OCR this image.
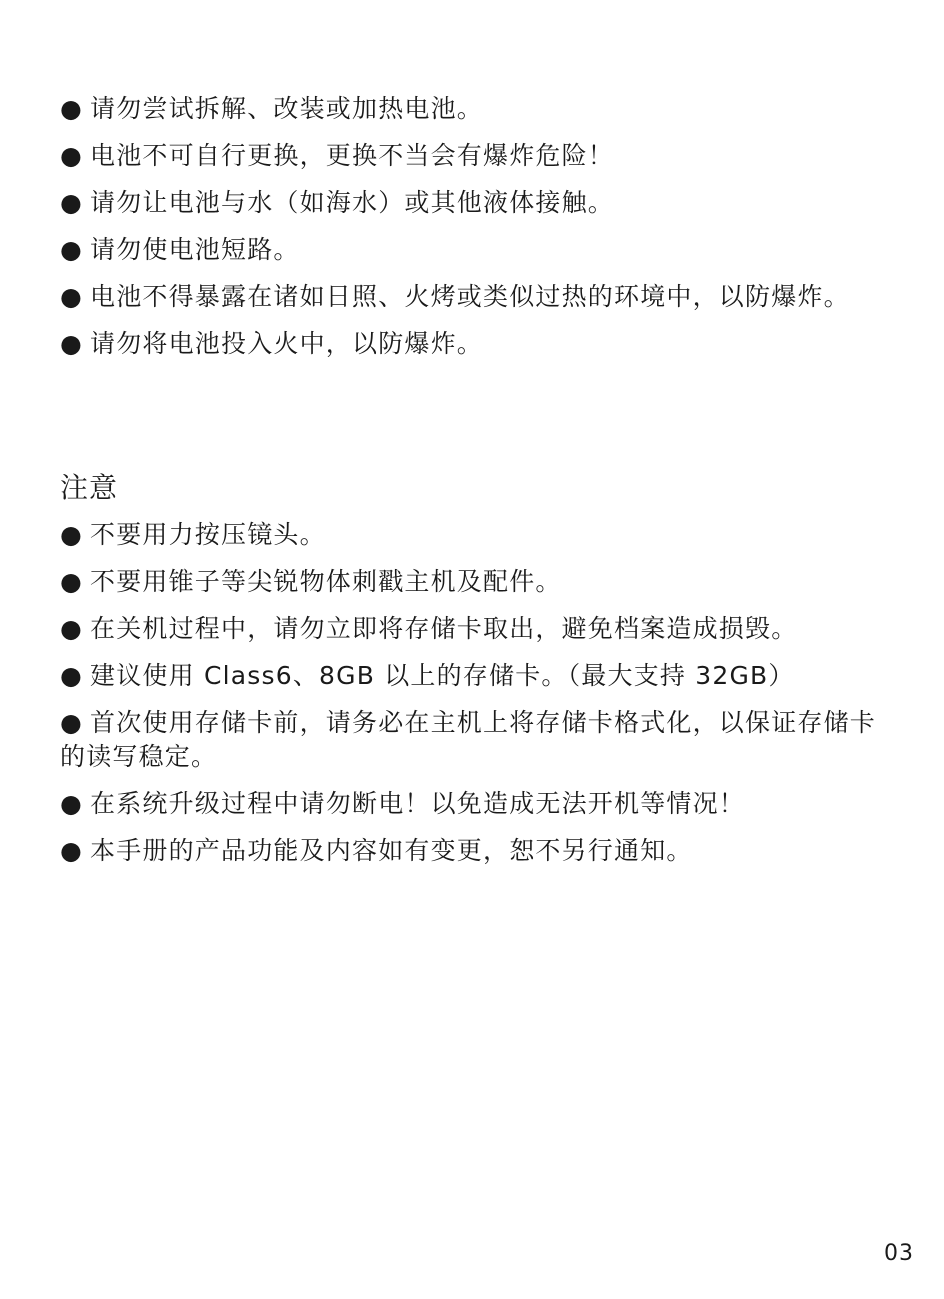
● 请勿尝试拆解、改装或加热电池。
● 电池不可自行更换，更换不当会有爆炸危险！
● 请勿让电池与水（如海水）或其他液体接触。
● 请勿使电池短路。
● 电池不得暴露在诸如日照、火烤或类似过热的环境中，以防爆炸。
● 请勿将电池投入火中，以防爆炸。
注意
● 不要用力按压镜头。
● 不要用锥子等尖锐物体刺戳主机及配件。
● 在关机过程中，请勿立即将存储卡取出，避免档案造成损毁。
● 建议使用 Class6、8GB 以上的存储卡。（最大支持 32GB）
● 首次使用存储卡前，请务必在主机上将存储卡格式化，以保证存储卡的读写稳定。
● 在系统升级过程中请勿断电！以免造成无法开机等情况！
● 本手册的产品功能及内容如有变更，恕不另行通知。
03
